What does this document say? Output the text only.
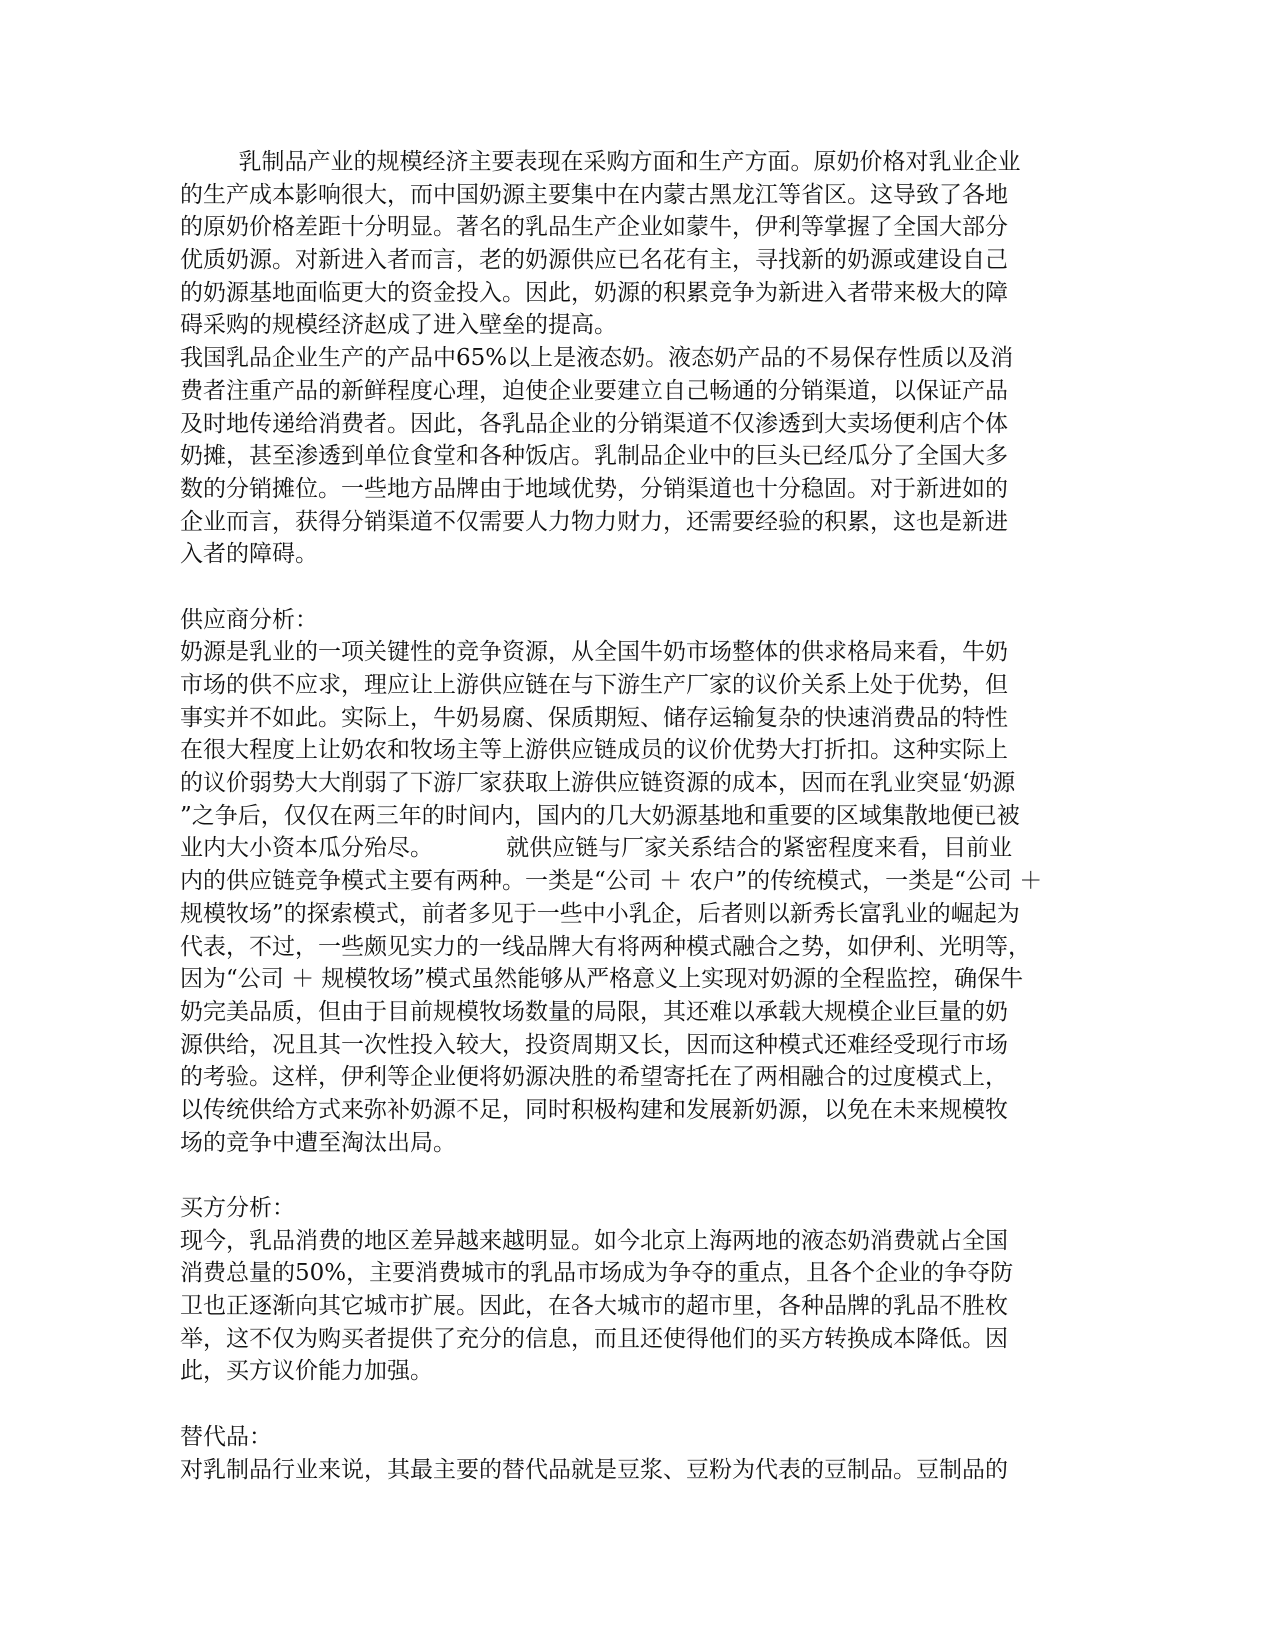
乳制品产业的规模经济主要表现在采购方面和生产方面。原奶价格对乳业企业
的生产成本影响很大，而中国奶源主要集中在内蒙古黑龙江等省区。这导致了各地
的原奶价格差距十分明显。著名的乳品生产企业如蒙牛，伊利等掌握了全国大部分
优质奶源。对新进入者而言，老的奶源供应已名花有主，寻找新的奶源或建设自己
的奶源基地面临更大的资金投入。因此，奶源的积累竞争为新进入者带来极大的障
碍采购的规模经济赵成了进入壁垒的提高。
我国乳品企业生产的产品中65%以上是液态奶。液态奶产品的不易保存性质以及消
费者注重产品的新鲜程度心理，迫使企业要建立自己畅通的分销渠道，以保证产品
及时地传递给消费者。因此，各乳品企业的分销渠道不仅渗透到大卖场便利店个体
奶摊，甚至渗透到单位食堂和各种饭店。乳制品企业中的巨头已经瓜分了全国大多
数的分销摊位。一些地方品牌由于地域优势，分销渠道也十分稳固。对于新进如的
企业而言，获得分销渠道不仅需要人力物力财力，还需要经验的积累，这也是新进
入者的障碍。
供应商分析：
奶源是乳业的一项关键性的竞争资源，从全国牛奶市场整体的供求格局来看，牛奶
市场的供不应求，理应让上游供应链在与下游生产厂家的议价关系上处于优势，但
事实并不如此。实际上，牛奶易腐、保质期短、储存运输复杂的快速消费品的特性
在很大程度上让奶农和牧场主等上游供应链成员的议价优势大打折扣。这种实际上
的议价弱势大大削弱了下游厂家获取上游供应链资源的成本，因而在乳业突显‘奶源
”之争后，仅仅在两三年的时间内，国内的几大奶源基地和重要的区域集散地便已被
业内大小资本瓜分殆尽。          就供应链与厂家关系结合的紧密程度来看，目前业
内的供应链竞争模式主要有两种。一类是“公司 ＋ 农户”的传统模式，一类是“公司 ＋
规模牧场”的探索模式，前者多见于一些中小乳企，后者则以新秀长富乳业的崛起为
代表，不过，一些颇见实力的一线品牌大有将两种模式融合之势，如伊利、光明等，
因为“公司 ＋ 规模牧场”模式虽然能够从严格意义上实现对奶源的全程监控，确保牛
奶完美品质，但由于目前规模牧场数量的局限，其还难以承载大规模企业巨量的奶
源供给，况且其一次性投入较大，投资周期又长，因而这种模式还难经受现行市场
的考验。这样，伊利等企业便将奶源决胜的希望寄托在了两相融合的过度模式上，
以传统供给方式来弥补奶源不足，同时积极构建和发展新奶源，以免在未来规模牧
场的竞争中遭至淘汰出局。
买方分析：
现今，乳品消费的地区差异越来越明显。如今北京上海两地的液态奶消费就占全国
消费总量的50%，主要消费城市的乳品市场成为争夺的重点，且各个企业的争夺防
卫也正逐渐向其它城市扩展。因此，在各大城市的超市里，各种品牌的乳品不胜枚
举，这不仅为购买者提供了充分的信息，而且还使得他们的买方转换成本降低。因
此，买方议价能力加强。
替代品：
对乳制品行业来说，其最主要的替代品就是豆浆、豆粉为代表的豆制品。豆制品的
